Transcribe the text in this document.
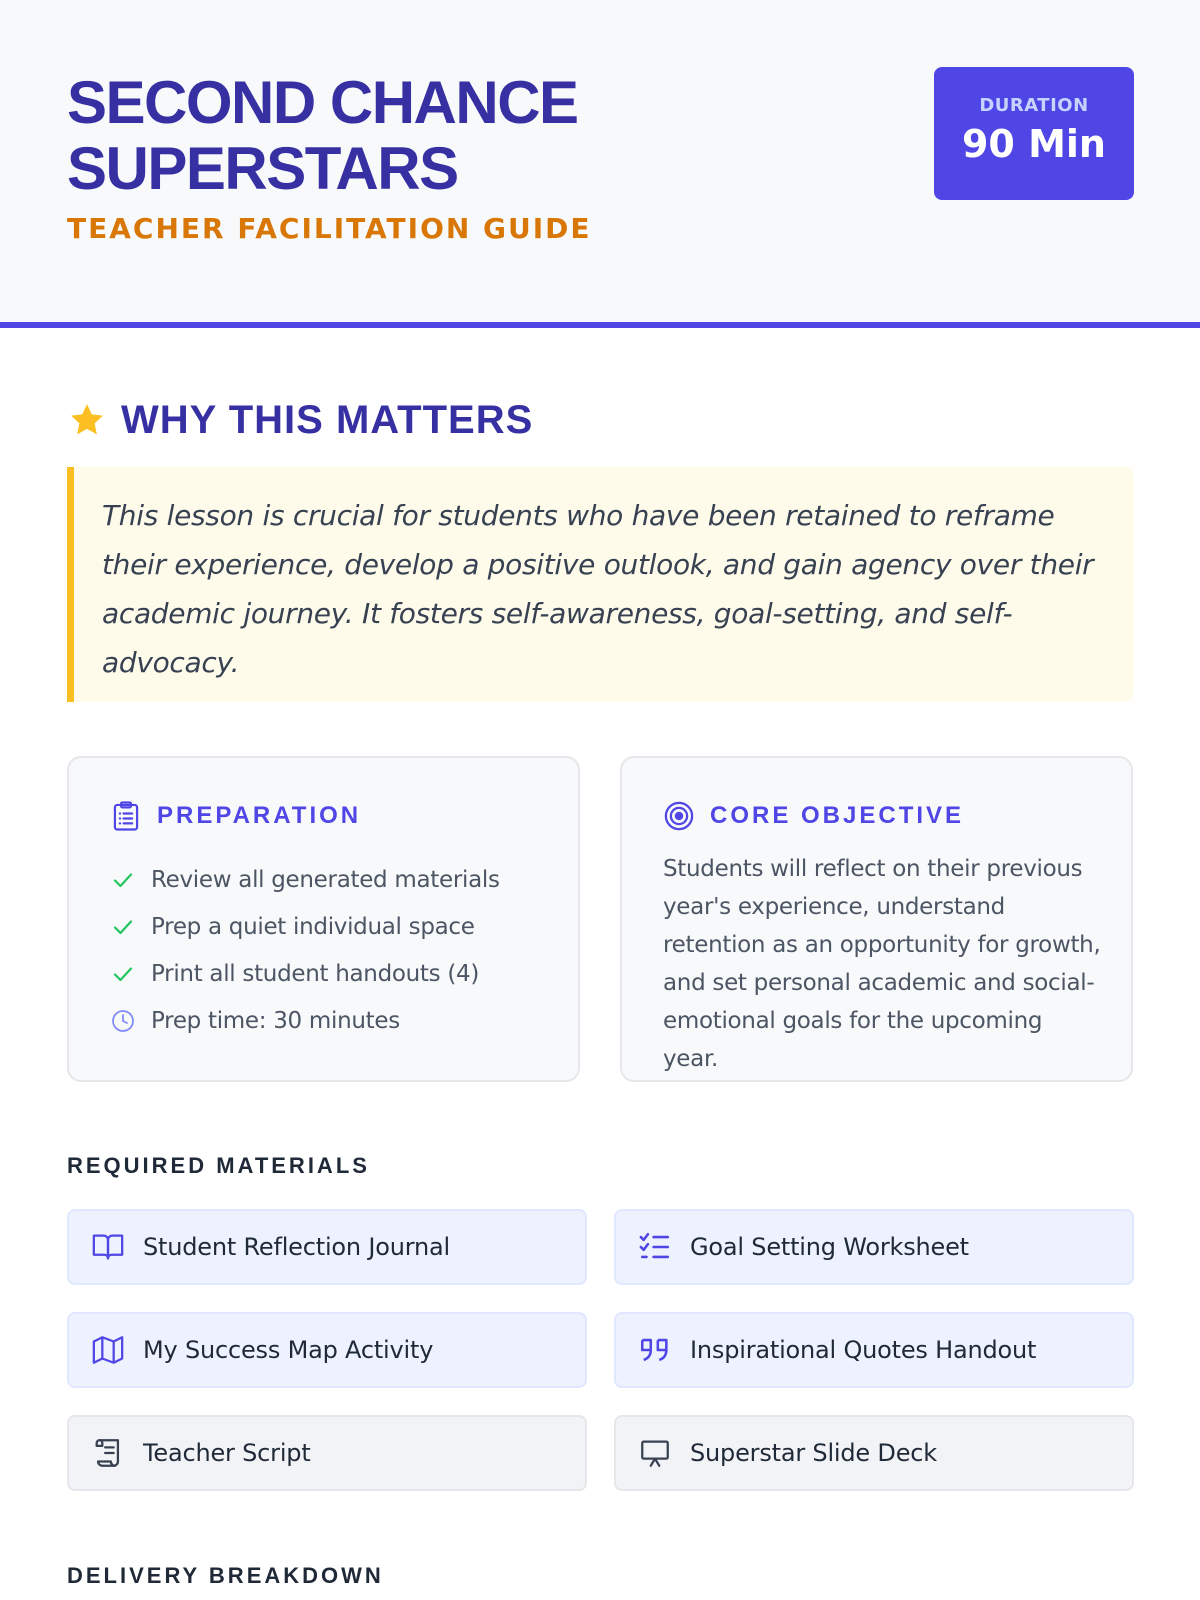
SECOND CHANCE SUPERSTARS
TEACHER FACILITATION GUIDE
DURATION
90 Min
WHY THIS MATTERS

This lesson is crucial for students who have been retained to reframe their experience, develop a positive outlook, and gain agency over their academic journey. It fosters self-awareness, goal-setting, and self-advocacy.

PREPARATION
Review all generated materials
Prep a quiet individual space
Print all student handouts (4)
Prep time: 30 minutes
CORE OBJECTIVE
Students will reflect on their previous year's experience, understand retention as an opportunity for growth, and set personal academic and social-emotional goals for the upcoming year.
REQUIRED MATERIALS
Student Reflection Journal	Goal Setting Worksheet
My Success Map Activity	Inspirational Quotes Handout
Teacher Script	Superstar Slide Deck
DELIVERY BREAKDOWN
